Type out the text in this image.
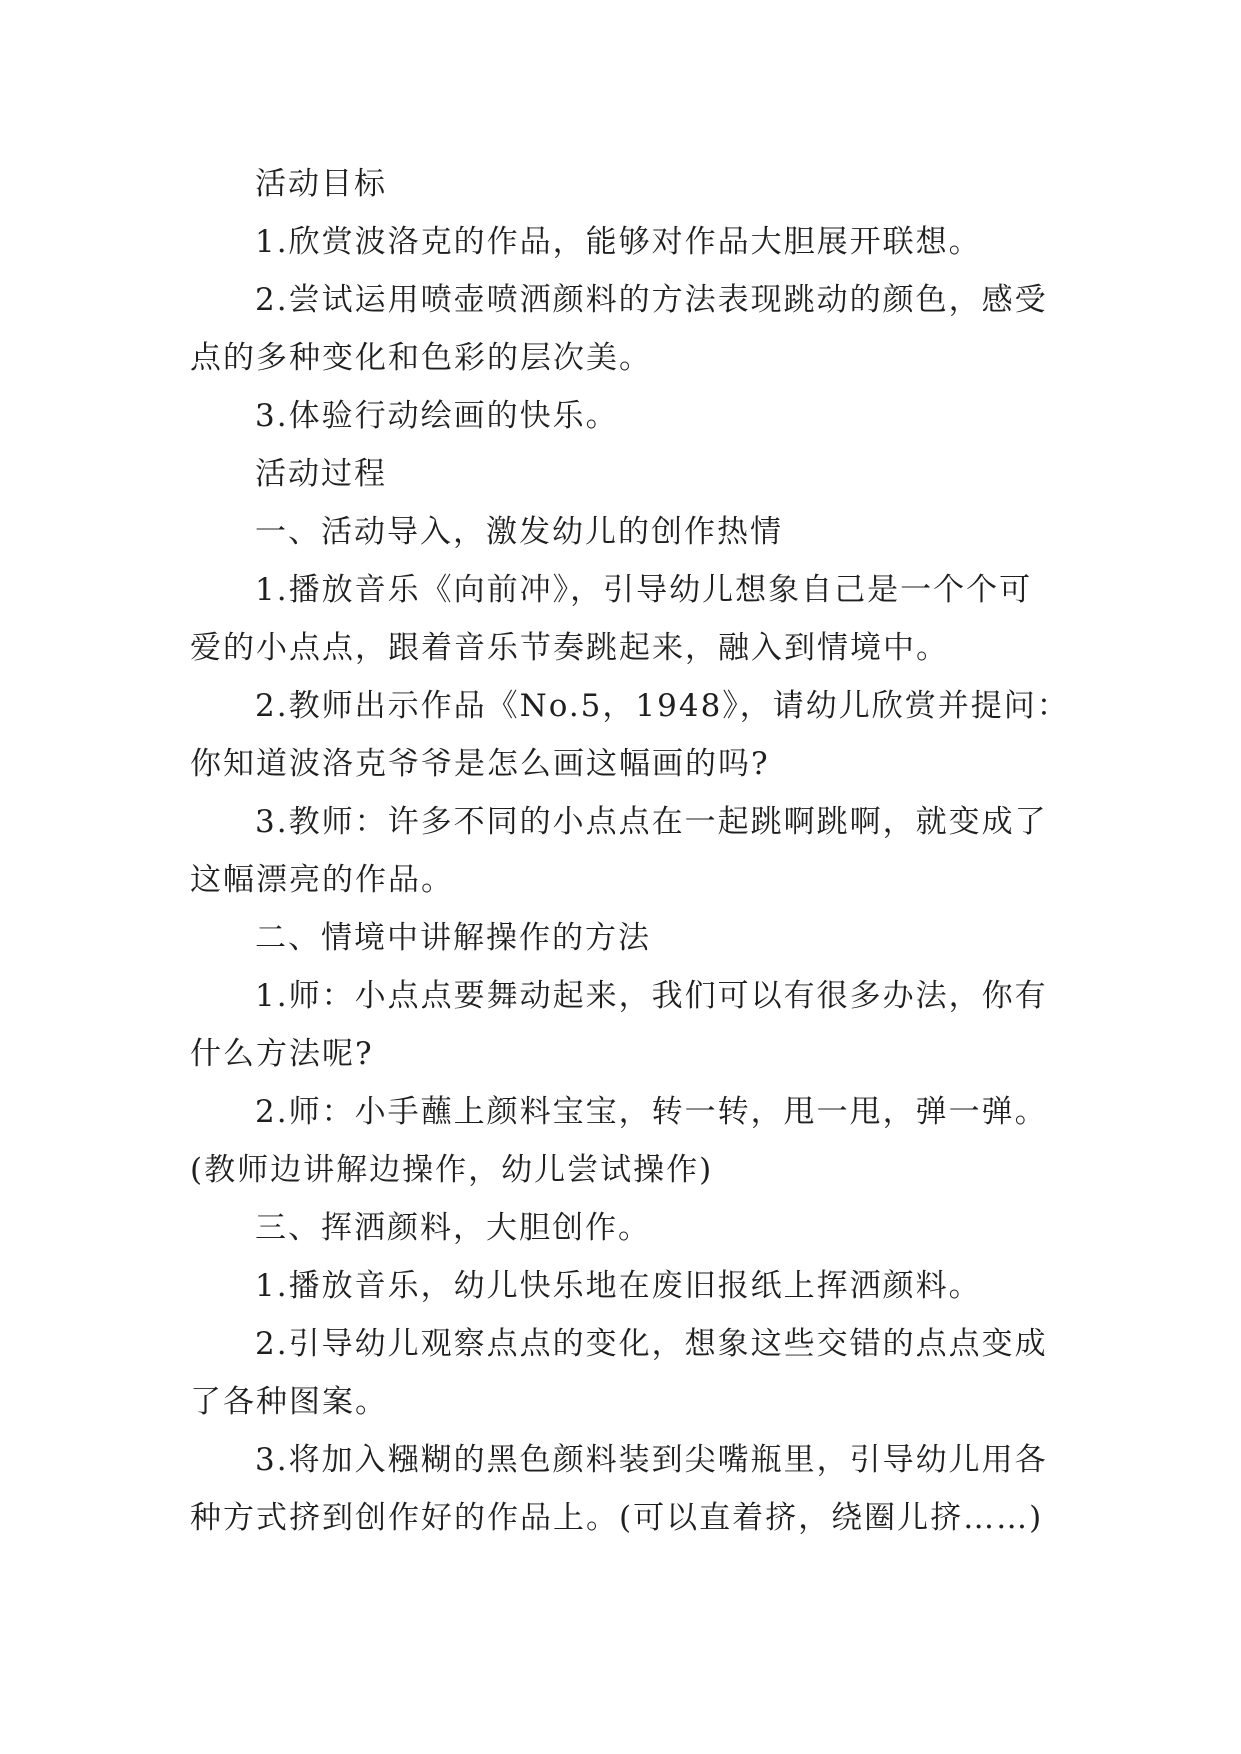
活动目标
1.欣赏波洛克的作品，能够对作品大胆展开联想。
2.尝试运用喷壶喷洒颜料的方法表现跳动的颜色，感受
点的多种变化和色彩的层次美。
3.体验行动绘画的快乐。
活动过程
一、活动导入，激发幼儿的创作热情
1.播放音乐《向前冲》，引导幼儿想象自己是一个个可
爱的小点点，跟着音乐节奏跳起来，融入到情境中。
2.教师出示作品《No.5，1948》，请幼儿欣赏并提问：
你知道波洛克爷爷是怎么画这幅画的吗?
3.教师：许多不同的小点点在一起跳啊跳啊，就变成了
这幅漂亮的作品。
二、情境中讲解操作的方法
1.师：小点点要舞动起来，我们可以有很多办法，你有
什么方法呢?
2.师：小手蘸上颜料宝宝，转一转，甩一甩，弹一弹。
(教师边讲解边操作，幼儿尝试操作)
三、挥洒颜料，大胆创作。
1.播放音乐，幼儿快乐地在废旧报纸上挥洒颜料。
2.引导幼儿观察点点的变化，想象这些交错的点点变成
了各种图案。
3.将加入糨糊的黑色颜料装到尖嘴瓶里，引导幼儿用各
种方式挤到创作好的作品上。(可以直着挤，绕圈儿挤……)
